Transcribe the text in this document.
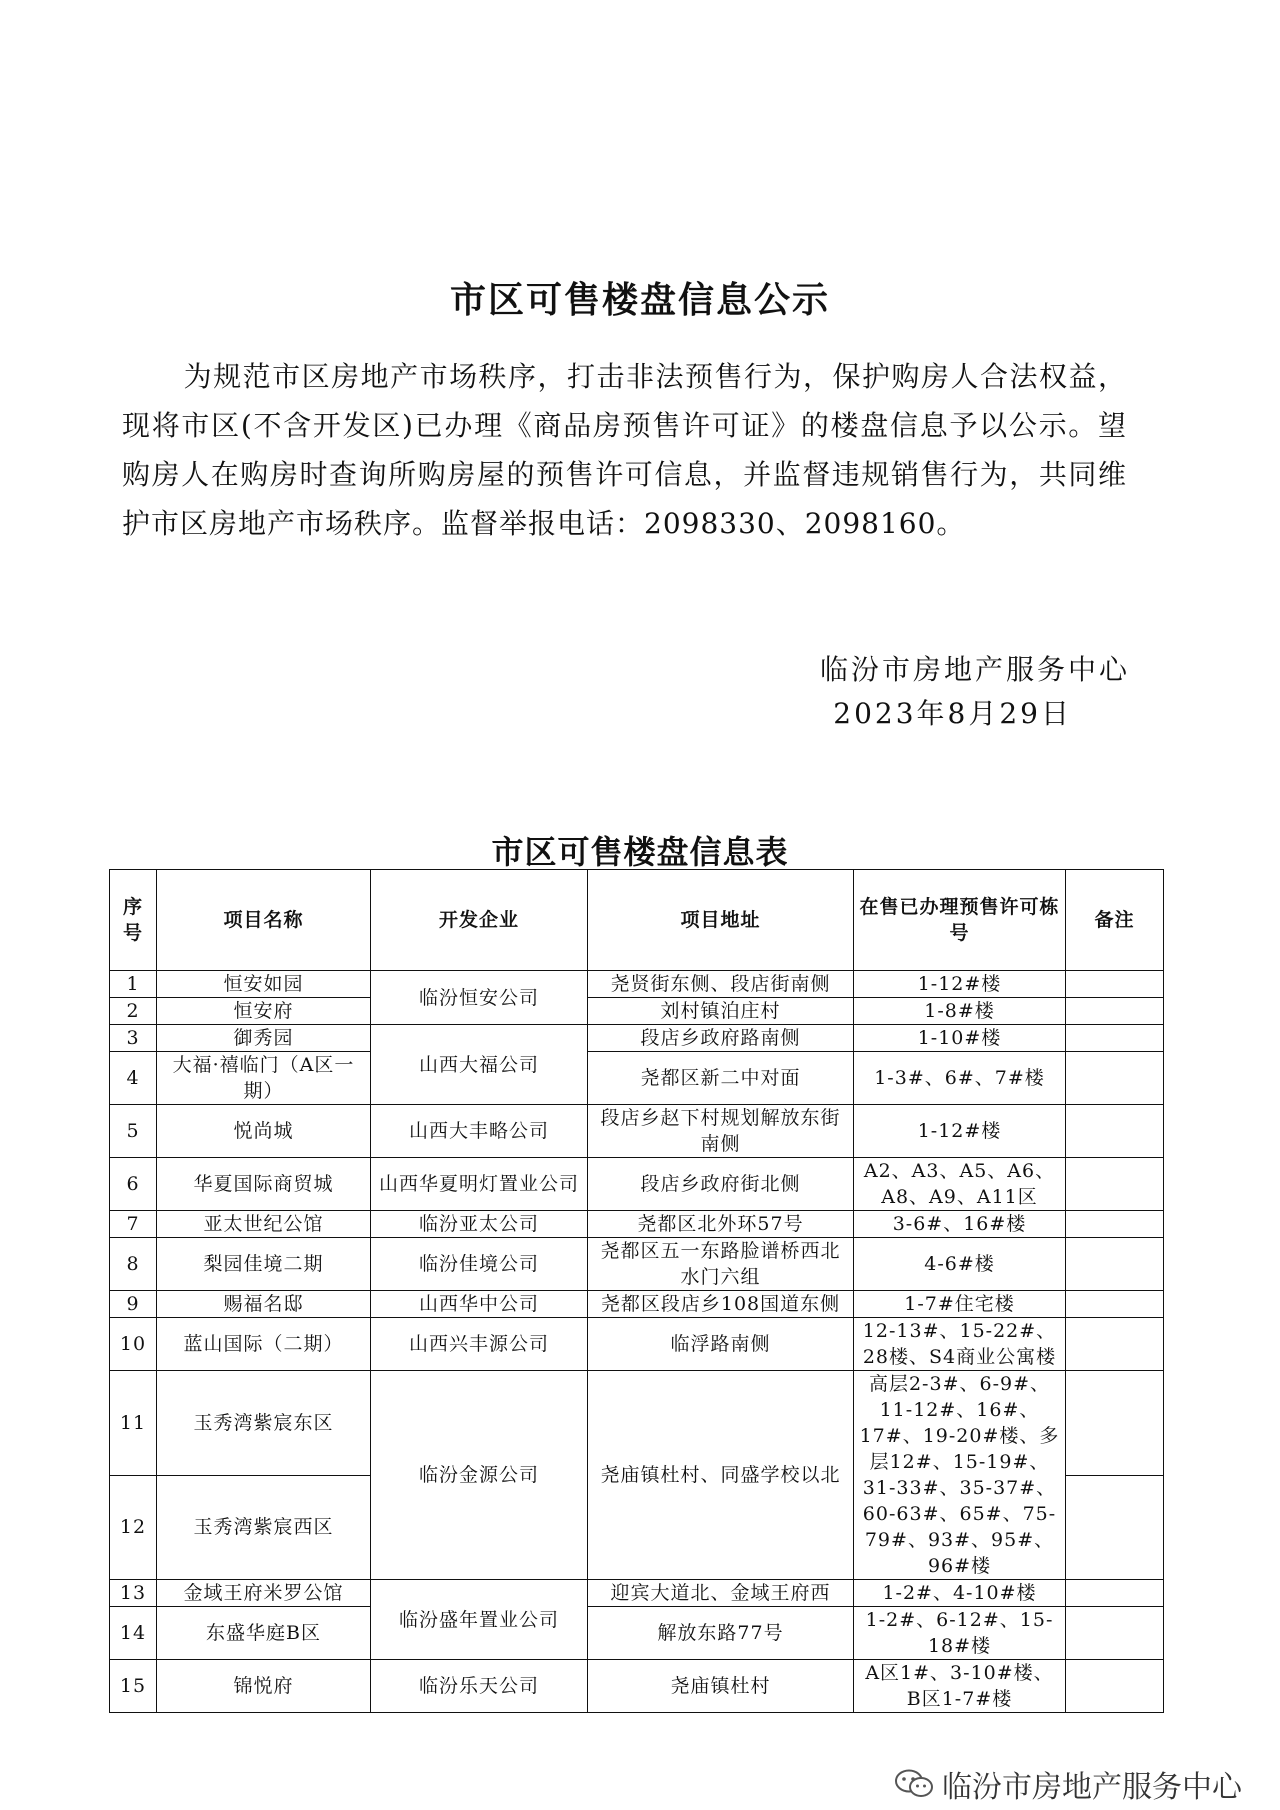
市区可售楼盘信息公示

为规范市区房地产市场秩序，打击非法预售行为，保护购房人合法权益，现将市区(不含开发区)已办理《商品房预售许可证》的楼盘信息予以公示。望购房人在购房时查询所购房屋的预售许可信息，并监督违规销售行为，共同维护市区房地产市场秩序。监督举报电话：2098330、2098160。

临汾市房地产服务中心
2023年8月29日
市区可售楼盘信息表
序号	项目名称	开发企业	项目地址	在售已办理预售许可栋号	备注
1	恒安如园	临汾恒安公司	尧贤街东侧、段店街南侧	1-12#楼	
2	恒安府		刘村镇泊庄村	1-8#楼	
3	御秀园	山西大福公司	段店乡政府路南侧	1-10#楼	
4	大福·禧临门（A区一期）		尧都区新二中对面	1-3#、6#、7#楼	
5	悦尚城	山西大丰略公司	段店乡赵下村规划解放东街南侧	1-12#楼	
6	华夏国际商贸城	山西华夏明灯置业公司	段店乡政府街北侧	A2、A3、A5、A6、A8、A9、A11区	
7	亚太世纪公馆	临汾亚太公司	尧都区北外环57号	3-6#、16#楼	
8	梨园佳境二期	临汾佳境公司	尧都区五一东路脸谱桥西北水门六组	4-6#楼	
9	赐福名邸	山西华中公司	尧都区段店乡108国道东侧	1-7#住宅楼	
10	蓝山国际（二期）	山西兴丰源公司	临浮路南侧	12-13#、15-22#、28楼、S4商业公寓楼	
11	玉秀湾紫宸东区	临汾金源公司	尧庙镇杜村、同盛学校以北	高层2-3#、6-9#、11-12#、16#、17#、19-20#楼、多层12#、15-19#、31-33#、35-37#、60-63#、65#、75-79#、93#、95#、96#楼	
12	玉秀湾紫宸西区				
13	金域王府米罗公馆	临汾盛年置业公司	迎宾大道北、金域王府西	1-2#、4-10#楼	
14	东盛华庭B区		解放东路77号	1-2#、6-12#、15-18#楼	
15	锦悦府	临汾乐天公司	尧庙镇杜村	A区1#、3-10#楼、B区1-7#楼	
临汾市房地产服务中心
